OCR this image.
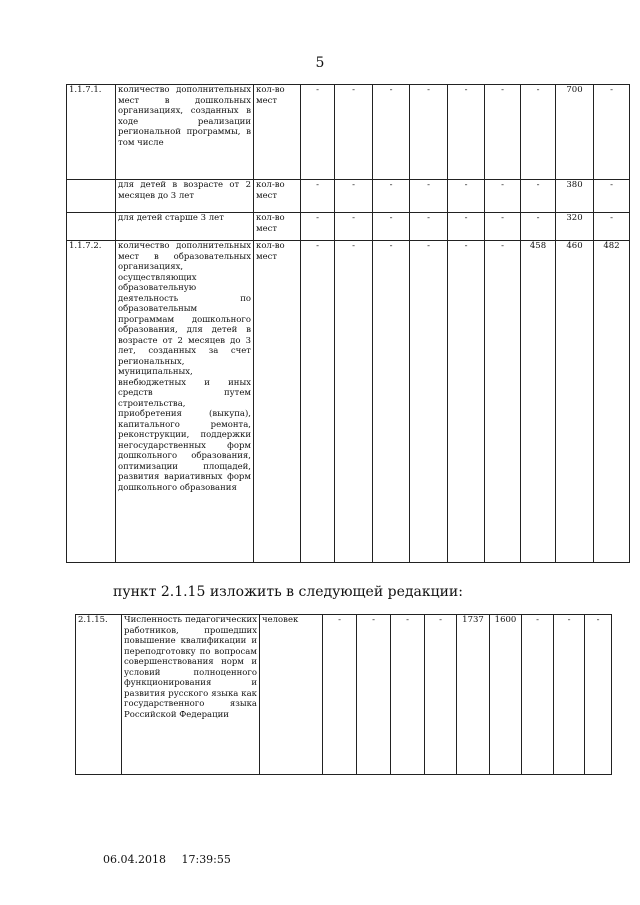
5
1.1.7.1.	количество дополнительных мест в дошкольных организациях, созданных в ходе реализации региональной программы, в том числе	кол-во мест	-	-	-	-	-	-	-	700	-
	для детей в возрасте от 2 месяцев до 3 лет	кол-во мест	-	-	-	-	-	-	-	380	-
	для детей старше 3 лет	кол-во мест	-	-	-	-	-	-	-	320	-
1.1.7.2.	количество дополнительных мест в образовательных организациях, осуществляющих образовательную деятельность по образовательным программам дошкольного образования, для детей в возрасте от 2 месяцев до 3 лет, созданных за счет региональных, муниципальных, внебюджетных и иных средств путем строительства, приобретения (выкупа), капитального ремонта, реконструкции, поддержки негосударственных форм дошкольного образования, оптимизации площадей, развития вариативных форм дошкольного образования	кол-во мест	-	-	-	-	-	-	458	460	482
пункт 2.1.15 изложить в следующей редакции:
2.1.15.	Численность педагогических работников, прошедших повышение квалификации и переподготовку по вопросам совершенствования норм и условий полноценного функционирования и развития русского языка как государственного языка Российской Федерации	человек	-	-	-	-	1737	1600	-	-	-
06.04.2018 17:39:55
